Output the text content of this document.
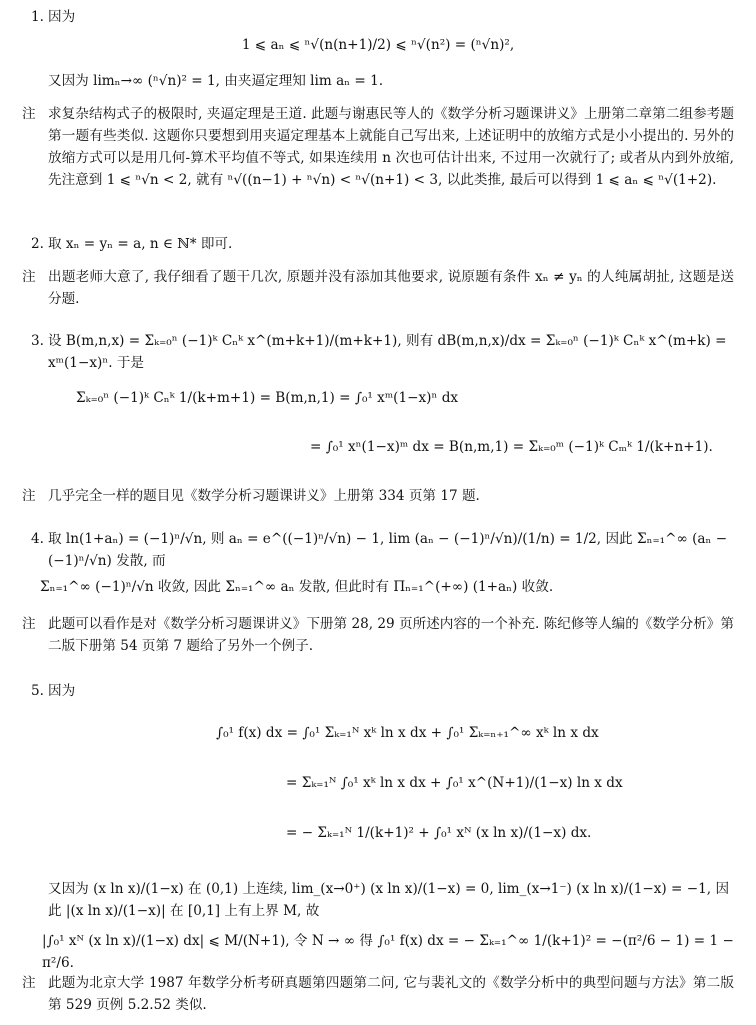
1. 因为
1 ⩽ aₙ ⩽ ⁿ√(n(n+1)/2) ⩽ ⁿ√(n²) = (ⁿ√n)²,
又因为 limₙ→∞ (ⁿ√n)² = 1, 由夹逼定理知 lim aₙ = 1.
注 求复杂结构式子的极限时, 夹逼定理是王道. 此题与谢惠民等人的《数学分析习题课讲义》上册第二章第二组参考题第一题有些类似. 这题你只要想到用夹逼定理基本上就能自己写出来, 上述证明中的放缩方式是小小提出的. 另外的放缩方式可以是用几何-算术平均值不等式, 如果连续用 n 次也可估计出来, 不过用一次就行了; 或者从内到外放缩, 先注意到 1 ⩽ ⁿ√n < 2, 就有 ⁿ√((n−1) + ⁿ√n) < ⁿ√(n+1) < 3, 以此类推, 最后可以得到 1 ⩽ aₙ ⩽ ⁿ√(1+2).
2. 取 xₙ = yₙ = a, n ∈ ℕ* 即可.
注 出题老师大意了, 我仔细看了题干几次, 原题并没有添加其他要求, 说原题有条件 xₙ ≠ yₙ 的人纯属胡扯, 这题是送分题.
3. 设 B(m,n,x) = Σₖ₌₀ⁿ (−1)ᵏ Cₙᵏ x^(m+k+1)/(m+k+1), 则有 dB(m,n,x)/dx = Σₖ₌₀ⁿ (−1)ᵏ Cₙᵏ x^(m+k) = xᵐ(1−x)ⁿ. 于是
Σₖ₌₀ⁿ (−1)ᵏ Cₙᵏ 1/(k+m+1) = B(m,n,1) = ∫₀¹ xᵐ(1−x)ⁿ dx
= ∫₀¹ xⁿ(1−x)ᵐ dx = B(n,m,1) = Σₖ₌₀ᵐ (−1)ᵏ Cₘᵏ 1/(k+n+1).
注 几乎完全一样的题目见《数学分析习题课讲义》上册第 334 页第 17 题.
4. 取 ln(1+aₙ) = (−1)ⁿ/√n, 则 aₙ = e^((−1)ⁿ/√n) − 1, lim (aₙ − (−1)ⁿ/√n)/(1/n) = 1/2, 因此 Σₙ₌₁^∞ (aₙ − (−1)ⁿ/√n) 发散, 而
Σₙ₌₁^∞ (−1)ⁿ/√n 收敛, 因此 Σₙ₌₁^∞ aₙ 发散, 但此时有 Πₙ₌₁^(+∞) (1+aₙ) 收敛.
注 此题可以看作是对《数学分析习题课讲义》下册第 28, 29 页所述内容的一个补充. 陈纪修等人编的《数学分析》第二版下册第 54 页第 7 题给了另外一个例子.
5. 因为
∫₀¹ f(x) dx = ∫₀¹ Σₖ₌₁ᴺ xᵏ ln x dx + ∫₀¹ Σₖ₌ₙ₊₁^∞ xᵏ ln x dx
= Σₖ₌₁ᴺ ∫₀¹ xᵏ ln x dx + ∫₀¹ x^(N+1)/(1−x) ln x dx
= − Σₖ₌₁ᴺ 1/(k+1)² + ∫₀¹ xᴺ (x ln x)/(1−x) dx.
又因为 (x ln x)/(1−x) 在 (0,1) 上连续, lim_(x→0⁺) (x ln x)/(1−x) = 0, lim_(x→1⁻) (x ln x)/(1−x) = −1, 因此 |(x ln x)/(1−x)| 在 [0,1] 上有上界 M, 故
|∫₀¹ xᴺ (x ln x)/(1−x) dx| ⩽ M/(N+1), 令 N → ∞ 得 ∫₀¹ f(x) dx = − Σₖ₌₁^∞ 1/(k+1)² = −(π²/6 − 1) = 1 − π²/6.
注 此题为北京大学 1987 年数学分析考研真题第四题第二问, 它与裴礼文的《数学分析中的典型问题与方法》第二版第 529 页例 5.2.52 类似.
